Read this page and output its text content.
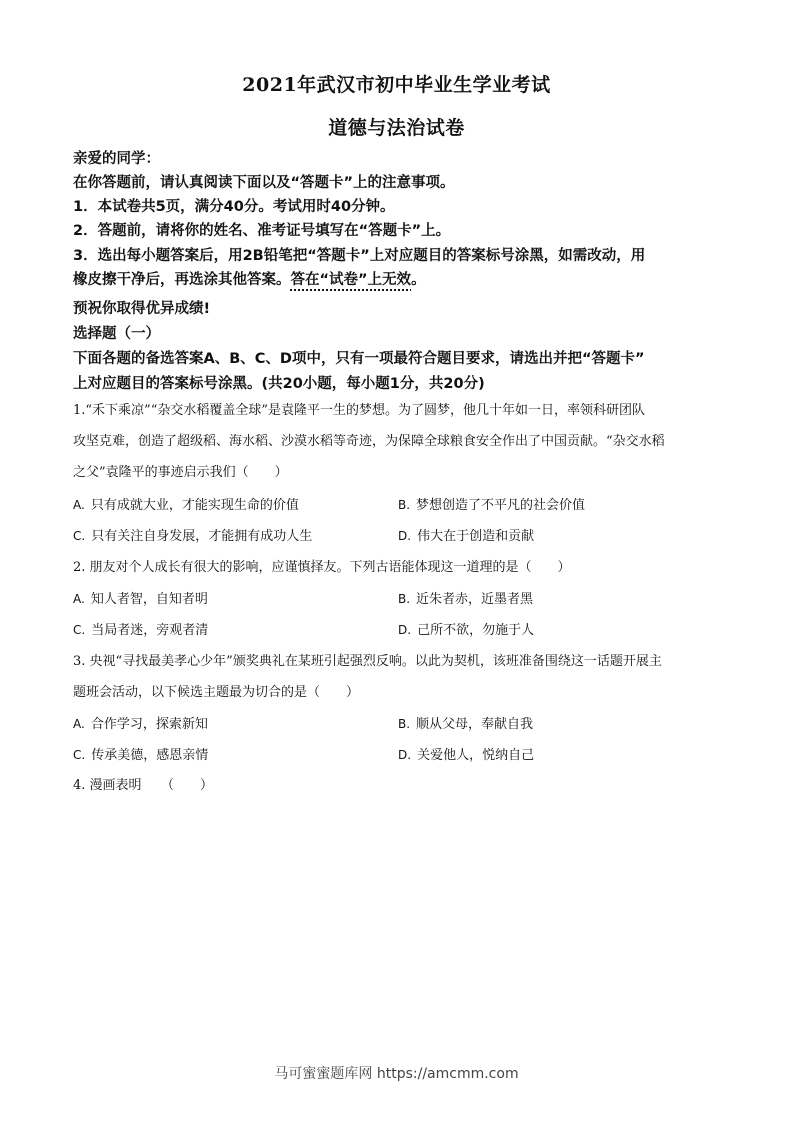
2021年武汉市初中毕业生学业考试
道德与法治试卷
亲爱的同学：
在你答题前，请认真阅读下面以及“答题卡”上的注意事项。
1．本试卷共5页，满分40分。考试用时40分钟。
2．答题前，请将你的姓名、准考证号填写在“答题卡”上。
3．选出每小题答案后，用2B铅笔把“答题卡”上对应题目的答案标号涂黑，如需改动，用
橡皮擦干净后，再选涂其他答案。答在“试卷”上无效。
预祝你取得优异成绩!
选择题（一）
下面各题的备选答案A、B、C、D项中，只有一项最符合题目要求，请选出并把“答题卡”
上对应题目的答案标号涂黑。(共20小题，每小题1分，共20分)
1.“禾下乘凉”“杂交水稻覆盖全球”是袁隆平一生的梦想。为了圆梦，他几十年如一日，率领科研团队
攻坚克难，创造了超级稻、海水稻、沙漠水稻等奇迹，为保障全球粮食安全作出了中国贡献。“杂交水稻
之父”袁隆平的事迹启示我们（　　）
A. 只有成就大业，才能实现生命的价值	B. 梦想创造了不平凡的社会价值
C. 只有关注自身发展，才能拥有成功人生	D. 伟大在于创造和贡献
2. 朋友对个人成长有很大的影响，应谨慎择友。下列古语能体现这一道理的是（　　）
A. 知人者智，自知者明	B. 近朱者赤，近墨者黑
C. 当局者迷，旁观者清	D. 己所不欲，勿施于人
3. 央视“寻找最美孝心少年”颁奖典礼在某班引起强烈反响。以此为契机，该班准备围绕这一话题开展主
题班会活动，以下候选主题最为切合的是（　　）
A. 合作学习，探索新知	B. 顺从父母，奉献自我
C. 传承美德，感恩亲情	D. 关爱他人，悦纳自己
4. 漫画表明　　（　　）
马可蜜蜜题库网 https://amcmm.com
